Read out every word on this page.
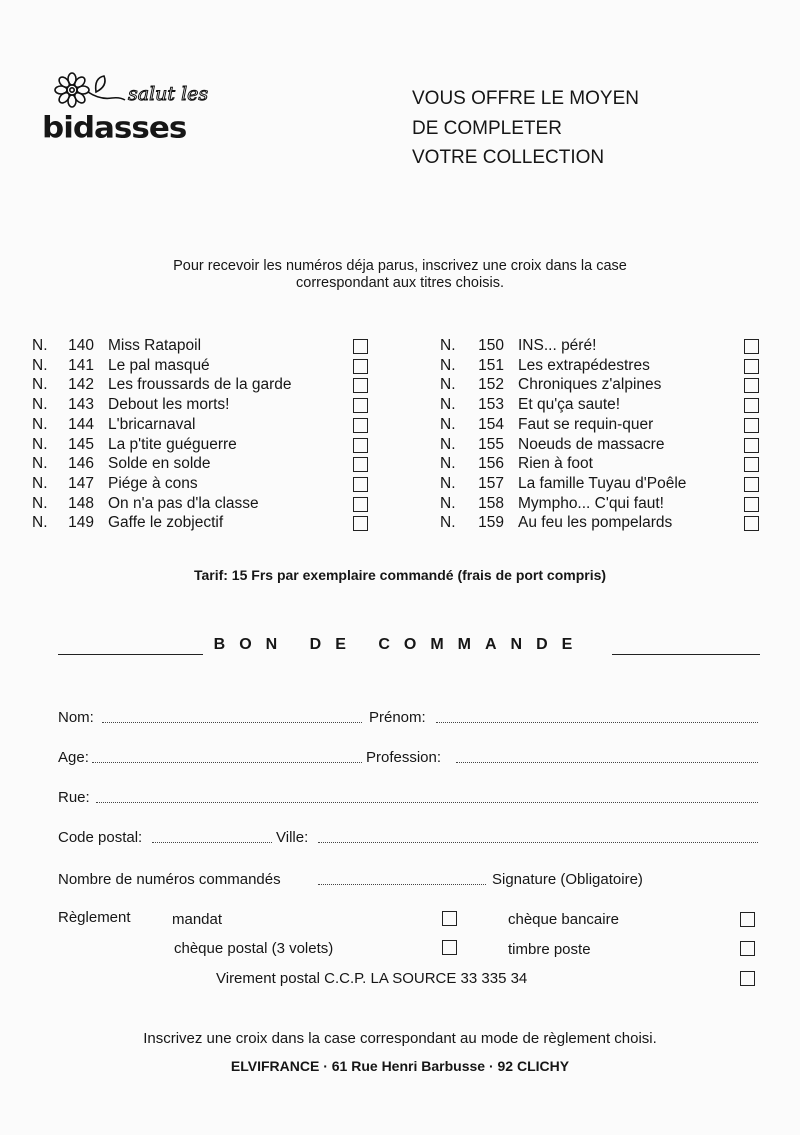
salut les
bidasses
VOUS OFFRE LE MOYEN
DE COMPLETER
VOTRE COLLECTION
Pour recevoir les numéros déja parus, inscrivez une croix dans la case
correspondant aux titres choisis.
N.	140 Miss Ratapoil
N.	141 Le pal masqué
N.	142 Les froussards de la garde
N.	143 Debout les morts!
N.	144 L'bricarnaval
N.	145 La p'tite guéguerre
N.	146 Solde en solde
N.	147 Piége à cons
N.	148 On n'a pas d'la classe
N.	149 Gaffe le zobjectif
N.	150 INS... péré!
N.	151 Les extrapédestres
N.	152 Chroniques z'alpines
N.	153 Et qu'ça saute!
N.	154 Faut se requin-quer
N.	155 Noeuds de massacre
N.	156 Rien à foot
N.	157 La famille Tuyau d'Poêle
N.	158 Mympho... C'qui faut!
N.	159 Au feu les pompelards
Tarif: 15 Frs par exemplaire commandé (frais de port compris)
BON DE COMMANDE
Nom:	Prénom:
Age:	Profession:
Rue:
Code postal:	Ville:
Nombre de numéros commandés	Signature (Obligatoire)
Règlement	mandat	chèque bancaire
chèque postal (3 volets)	timbre poste
Virement postal C.C.P. LA SOURCE 33 335 34
Inscrivez une croix dans la case correspondant au mode de règlement choisi.
ELVIFRANCE · 61 Rue Henri Barbusse · 92 CLICHY
